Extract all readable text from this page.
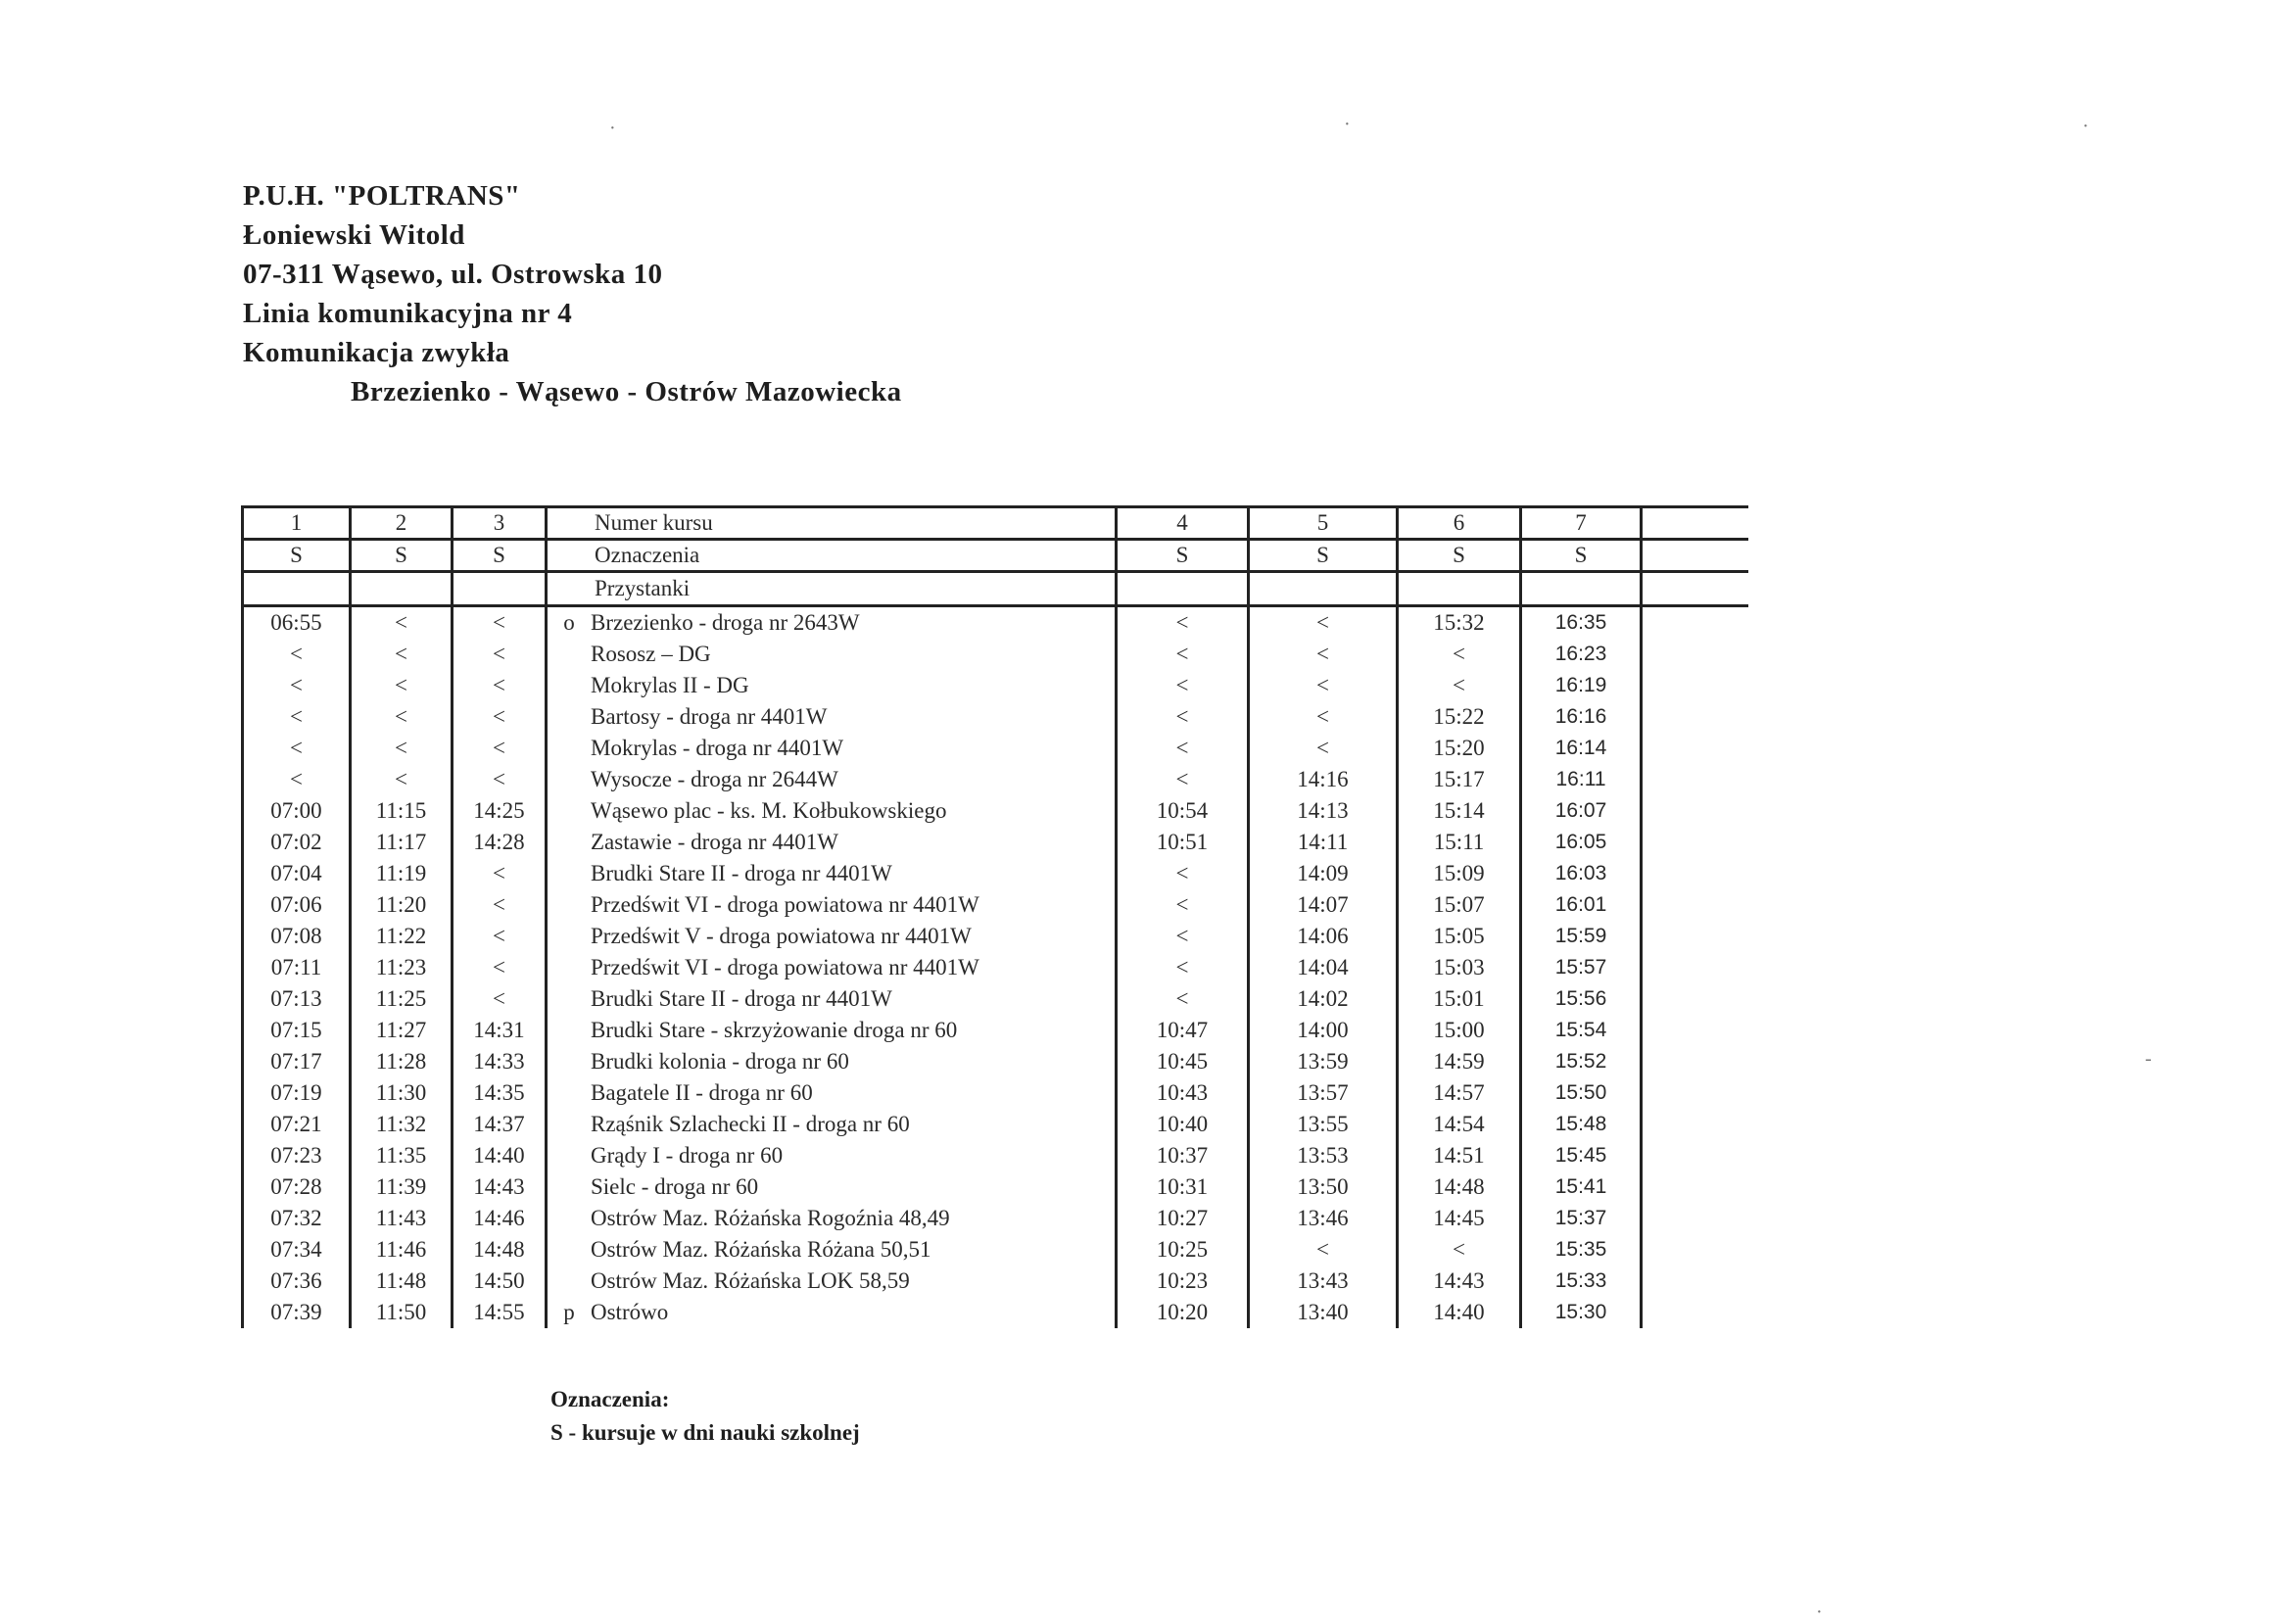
P.U.H. "POLTRANS"
Łoniewski Witold
07-311 Wąsewo, ul. Ostrowska 10
Linia komunikacyjna nr 4
Komunikacja zwykła
Brzezienko - Wąsewo - Ostrów Mazowiecka
1	2	3	Numer kursu	4	5	6	7	
S	S	S	Oznaczenia	S	S	S	S	
			Przystanki					
06:55	<	<	o Brzezienko - droga nr 2643W	<	<	15:32	16:35	
<	<	<	Rososz – DG	<	<	<	16:23	
<	<	<	Mokrylas II - DG	<	<	<	16:19	
<	<	<	Bartosy - droga nr 4401W	<	<	15:22	16:16	
<	<	<	Mokrylas - droga nr 4401W	<	<	15:20	16:14	
<	<	<	Wysocze - droga nr 2644W	<	14:16	15:17	16:11	
07:00	11:15	14:25	Wąsewo plac - ks. M. Kołbukowskiego	10:54	14:13	15:14	16:07	
07:02	11:17	14:28	Zastawie - droga nr 4401W	10:51	14:11	15:11	16:05	
07:04	11:19	<	Brudki Stare II - droga nr 4401W	<	14:09	15:09	16:03	
07:06	11:20	<	Przedświt VI - droga powiatowa nr 4401W	<	14:07	15:07	16:01	
07:08	11:22	<	Przedświt V - droga powiatowa nr 4401W	<	14:06	15:05	15:59	
07:11	11:23	<	Przedświt VI - droga powiatowa nr 4401W	<	14:04	15:03	15:57	
07:13	11:25	<	Brudki Stare II - droga nr 4401W	<	14:02	15:01	15:56	
07:15	11:27	14:31	Brudki Stare - skrzyżowanie droga nr 60	10:47	14:00	15:00	15:54	
07:17	11:28	14:33	Brudki kolonia - droga nr 60	10:45	13:59	14:59	15:52	
07:19	11:30	14:35	Bagatele II - droga nr 60	10:43	13:57	14:57	15:50	
07:21	11:32	14:37	Rząśnik Szlachecki II - droga nr 60	10:40	13:55	14:54	15:48	
07:23	11:35	14:40	Grądy I - droga nr 60	10:37	13:53	14:51	15:45	
07:28	11:39	14:43	Sielc - droga nr 60	10:31	13:50	14:48	15:41	
07:32	11:43	14:46	Ostrów Maz. Różańska Rogoźnia 48,49	10:27	13:46	14:45	15:37	
07:34	11:46	14:48	Ostrów Maz. Różańska Różana 50,51	10:25	<	<	15:35	
07:36	11:48	14:50	Ostrów Maz. Różańska LOK 58,59	10:23	13:43	14:43	15:33	
07:39	11:50	14:55	p Ostrówo	10:20	13:40	14:40	15:30	
Oznaczenia:
S - kursuje w dni nauki szkolnej
·	·	·
-
·
